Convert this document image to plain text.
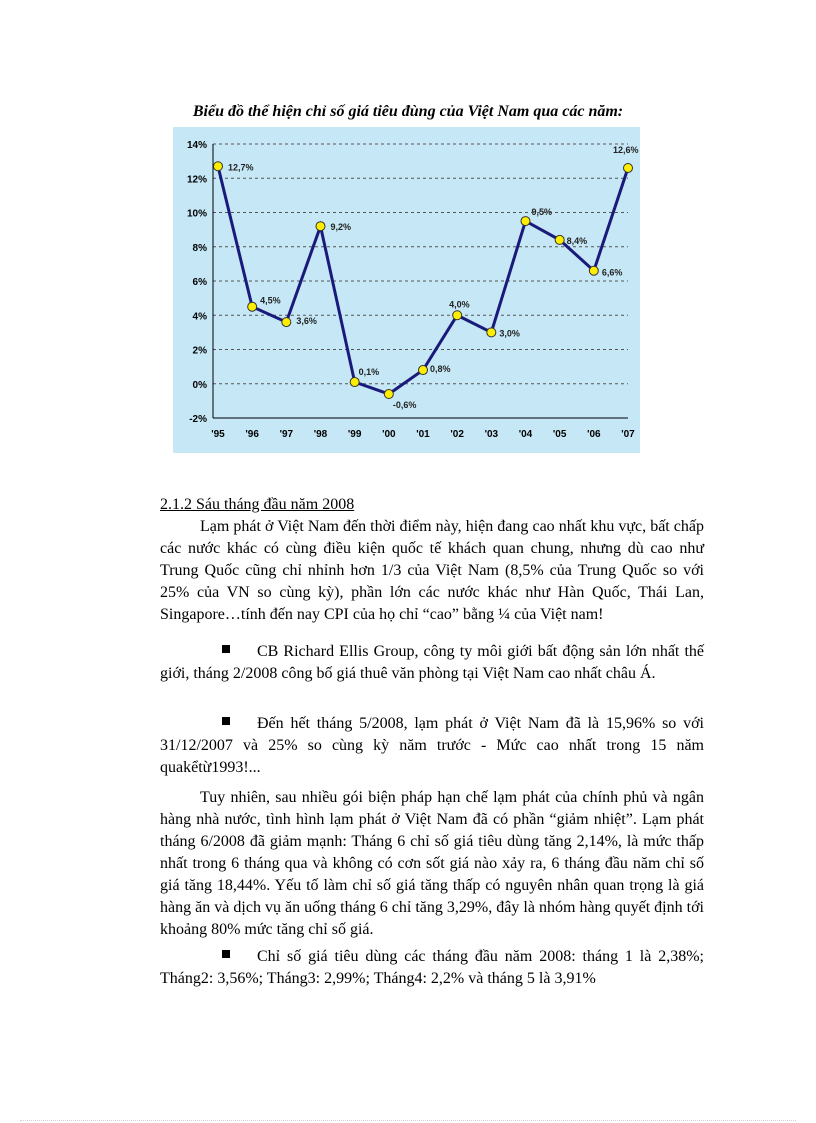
Biểu đồ thể hiện chỉ số giá tiêu đùng của Việt Nam qua các năm:
14%
12%
10%
8%
6%
4%
2%
0%
-2%
'95 '96 '97 '98 '99 '00 '01 '02 '03 '04 '05 '06 '07
12,7%
4,5%
3,6%
9,2%
0,1%
-0,6%
0,8%
4,0%
3,0%
9,5%
8,4%
6,6%
12,6%
2.1.2 Sáu tháng đầu năm 2008
Lạm phát ở Việt Nam đến thời điểm này, hiện đang cao nhất khu vực, bất chấp các nước khác có cùng điều kiện quốc tế khách quan chung, nhưng dù cao như Trung Quốc cũng chỉ nhỉnh hơn 1/3 của Việt Nam (8,5% của Trung Quốc so với 25% của VN so cùng kỳ), phần lớn các nước khác như Hàn Quốc, Thái Lan, Singapore…tính đến nay CPI của họ chỉ “cao” bằng ¼ của Việt nam!
CB Richard Ellis Group, công ty môi giới bất động sản lớn nhất thế giới, tháng 2/2008 công bố giá thuê văn phòng tại Việt Nam cao nhất châu Á.
Đến hết tháng 5/2008, lạm phát ở Việt Nam đã là 15,96% so với 31/12/2007 và 25% so cùng kỳ năm trước - Mức cao nhất trong 15 năm quakểtừ1993!...
Tuy nhiên, sau nhiều gói biện pháp hạn chế lạm phát của chính phủ và ngân hàng nhà nước, tình hình lạm phát ở Việt Nam đã có phần “giảm nhiệt”. Lạm phát tháng 6/2008 đã giảm mạnh: Tháng 6 chỉ số giá tiêu dùng tăng 2,14%, là mức thấp nhất trong 6 tháng qua và không có cơn sốt giá nào xảy ra, 6 tháng đầu năm chỉ số giá tăng 18,44%. Yếu tố làm chỉ số giá tăng thấp có nguyên nhân quan trọng là giá hàng ăn và dịch vụ ăn uống tháng 6 chỉ tăng 3,29%, đây là nhóm hàng quyết định tới khoảng 80% mức tăng chỉ số giá.
Chỉ số giá tiêu dùng các tháng đầu năm 2008: tháng 1 là 2,38%; Tháng2: 3,56%; Tháng3: 2,99%; Tháng4: 2,2% và tháng 5 là 3,91%
